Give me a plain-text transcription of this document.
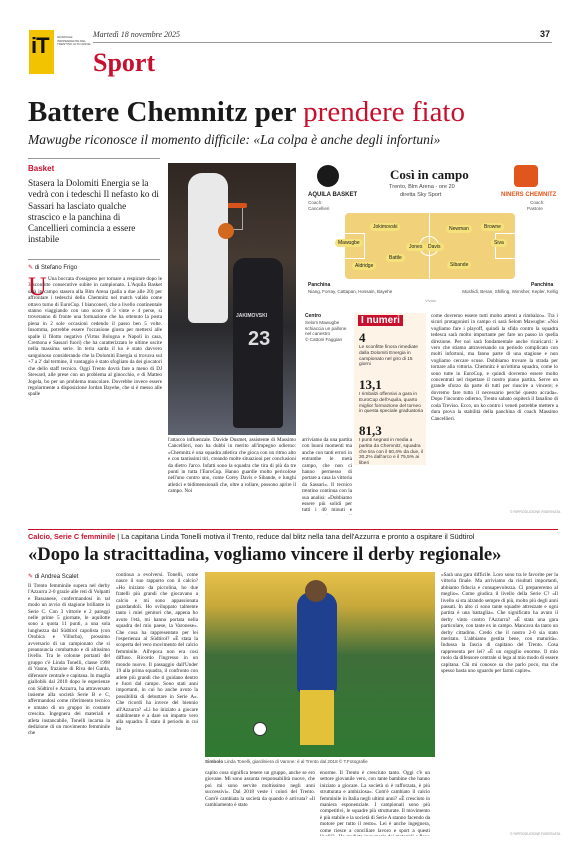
iT	GIORNALE INDIPENDENTE DEL TRENTINO ALTO ADIGE
Martedì 18 novembre 2025	37
Sport
Battere Chemnitz per prendere fiato
Mawugbe riconosce il momento difficile: «La colpa è anche degli infortuni»
Basket
Stasera la Dolomiti Energia se la vedrà con i tedeschi Il nefasto ko di Sassari ha lasciato qualche strascico e la panchina di Cancellieri comincia a essere instabile
✎ di Stefano Frigo
23
JAKIMOVSKI
AQUILA BASKET
Coach:
Cancellieri
Così in campo
Trento, Blm Arena - ore 20
diretta Sky Sport	NINERS CHEMNITZ
Coach:
Pastore
Jokimovski
Mawugbe
Aldridge
Battle
Jones
Newman	Browne
Sibande
Davis
Siva
Panchina
Niang, Forray, Cattapan, Hossain, Bayehe
Vivaio
Panchina
Mushidi, Beran, Shilling, Wimsher, Kepler, Kellig
Centro
Selom Mawugbe schiaccia un pallone nel canestro
© Cattoni Faggian
I numeri
4
Le sconfitte finora rimediate dalla Dolomiti Energia in campionato nel giro di 15 giorni
13,1
I rimbalzi offensivi a gara in EuroCup dell'Aquila, quarto miglior formazione del torneo in questa speciale graduatoria
81,3
I punti segnati in media a partita da Chemnitz, squadra che tira con il 60,4% da due, il 30,2% dall'arco e il 75,5% ai liberi
U Una boccata d'ossigeno per tornare a respirare dopo le 3 sconfitte consecutive subite in campionato. L'Aquila Basket sarà in campo stasera alla Blm Arena (palla a due alle 20) per affrontare i tedeschi dello Chemnitz nel match valido come ottavo turno di EuroCup. I bianconeri, che a livello continentale stanno viaggiando con uno score di 3 vinte e 4 perse, si troveranno di fronte una formazione che ha ottenuto la posta piena in 2 sole occasioni cedendo il passo ben 5 volte. Insomma, potrebbe essere l'occasione giusta per mettersi alle spalle il filotto negativo (Virtus Bologna e Napoli in casa, Cremona e Sassari fuori) che ha caratterizzato le ultime uscite nella massima serie. In terra sarda il ko è stato davvero sanguinoso considerando che la Dolomiti Energia si trovava sul +7 a 2' dal termine, il vantaggio è stato sfogliato da dei giocatori che dello staff tecnico. Oggi Trento dovrà fare a meno di DJ Steward, alle prese con un problema al ginocchio, e di Matteo Jogela, bo per un problema muscolare. Dovrebbe invece essere regolarmente a disposizione Jordan Bayehe, che si è messo alle spalle
l'attacco influenzale. Davide Dusmet, assistente di Massimo Cancellieri, non ha dubbi in merito all'impegno odierno: «Chemnitz è una squadra atletica che gioca con un ritmo alto e con tantissimi tiri, creando molte situazioni per conclusioni da dietro l'arco. Infatti sono la squadra che tira di più da tre punti in tutta l'EuroCup. Hanno guardie molto pericolose nell'uno contro uno, come Corey Davis e Sibande, e lunghi atletici e bidimensionali che, oltre a rollare, possono aprire il campo. Noi
arriviamo da una partita con buoni momenti ma anche con tanti errori in entrambe le metà campo, che non ci hanno permesso di portare a casa la vittoria da Sassari». Il tecnico trentino continua con la sua analisi: «Dobbiamo essere più solidi per tutti i 40 minuti e
come dovremo essere tutti molto attenti a rimbalzo». Tra i sicuri protagonisti in campo ci sarà Selom Mawugbe: «Noi vogliamo fare i playoff, quindi la sfida contro la squadra tedesca sarà molto importante per fare un passo in quella direzione. Per noi sarà fondamentale anche ricaricarci: è vero che stiamo attraversando un periodo complicato con molti infortuni, ma fanno parte di una stagione e non vogliamo cercare scuse. Dobbiamo trovare la strada per tornare alla vittoria. Chemnitz è un'ottima squadra, come lo sono tutte in EuroCup, e quindi dovremo essere molto concentrati nel rispettare il nostro piano partita. Serve un grande sforzo da parte di tutti per riuscire a vincere; e dovremo fare tutto il necessario perché questo accada». Dopo l'incontro odierno, Trento sabato ospiterà il fanalino di coda Treviso. Ecco, un ko contro i veneti potrebbe mettere a dura prova la stabilità della panchina di coach Massimo Cancellieri.
© RIPRODUZIONE RISERVATA
Calcio, Serie C femminile | La capitana Linda Tonelli motiva il Trento, reduce dal blitz nella tana dell'Azzurra e pronto a ospitare il Südtirol
«Dopo la stracittadina, vogliamo vincere il derby regionale»
✎ di Andrea Scalet
Il Trento femminile supera nel derby l'Azzurra 2-0 grazie alle reti di Volpatti e Bassanese, confermandosi in tal modo un avvio di stagione brillante in Serie C. Con 3 vittorie e 2 pareggi nelle prime 5 giornate, le aquilotte sono a quota 11 punti, a una sola lunghezza dal Südtirol capolista (con Orobica e Villorba), prossimo avversario di un campionato che si preannuncia combattuto e di altissimo livello. Tra le colonne portanti del gruppo c'è Linda Tonelli, classe 1998 di Vanne, frazione di Riva del Garda, difensore centrale e capitana. In maglia gialloblù dal 2018 dopo le esperienze con Südtirol e Azzurra, ha attraversato insieme alla società Serie B e C, affermandosi come riferimento tecnico e umano di un gruppo in costante crescita. Ingegnera dei materiali e atleta instancabile, Tonelli incarna la dedizione di un movimento femminile che
continua a evolversi. Tonelli, come nasce il suo rapporto con il calcio? «Ho iniziato da piccolina, ho due fratelli più grandi che giocavano a calcio e mi sono appassionata guardandoli. Ho sviluppato talmente tanto i miei genitori che, appena ho avuto l'età, mi hanno portata nella squadra del mio paese, la Varonese». Che cosa ha rappresentato per lei l'esperienza al Südtirol? «È stata la scoperta del vero movimento del calcio femminile. All'epoca non era così diffuso. Ricordo l'ingresso in un mondo nuovo. Il passaggio dall'Under 19 alla prima squadra, il confronto con atlete più grandi che ti guidano dentro e fuori dal campo. Sono stati anni importanti, in cui ho anche avuto la possibilità di debuttare in Serie A». Che ricordi ha invece del biennio all'Azzurra? «Lì ho iniziato a giocare stabilmente e a dare un impatto vero alla squadra. È stato il periodo in cui ho
Simbolo Linda Tonelli, giardiniera di Varone: è al Trento dal 2018 © T.Fotografie
capito cosa significa tenere un gruppo, anche se ero giovane. Mi sono assunta responsabilità nuove, che poi mi sono servite moltissimo negli anni successivi». Dal 2018 veste i colori del Trento. Com'è cambiata la società da quando è arrivata? «Il cambiamento è stato
enorme. Il Trento è cresciuto tanto. Oggi c'è un settore giovanile vero, con tante bambine che hanno iniziato a giocare. La società si è rafforzata, è più strutturata e ambiziosa». Com'è cambiato il calcio femminile in Italia negli ultimi anni? «È cresciuto in maniera esponenziale. I campionati sono più competitivi, le squadre più strutturate. Il movimento è più stabile e la società di Serie A stanno facendo da motore per tutto il resto». Lei è anche ingegnera, come riesce a conciliare lavoro e sport a questi
«Sarà una gara difficile. Loro sono tra le favorite per la vittoria finale. Ma arriviamo da risultati importanti, abbiamo fiducia e consapevolezza. Ci prepareremo al meglio». Come giudica il livello della Serie C? «Il livello si sta alzando sempre di più, molto più degli anni passati. In alto ci sono tante squadre attrezzate e ogni partita è una battaglia». Che significato ha avuto il derby vinto contro l'Azzurra? «È stata una gara particolare, con tante ex in campo. Mancava da tanto un derby cittadino. Credo che il nostro 2-0 sia stato meritato. L'abbiamo gestita bene, con maturità». Indossa la fascia di capitano del Trento. Cosa rappresenta per lei? «È un orgoglio enorme. Il mio ruolo da difensore centrale si lega al mio modo di essere capitana. Chi mi conosce sa che parlo poco, ma che spesso basta uno sguardo per farmi capire».
© RIPRODUZIONE RISERVATA
